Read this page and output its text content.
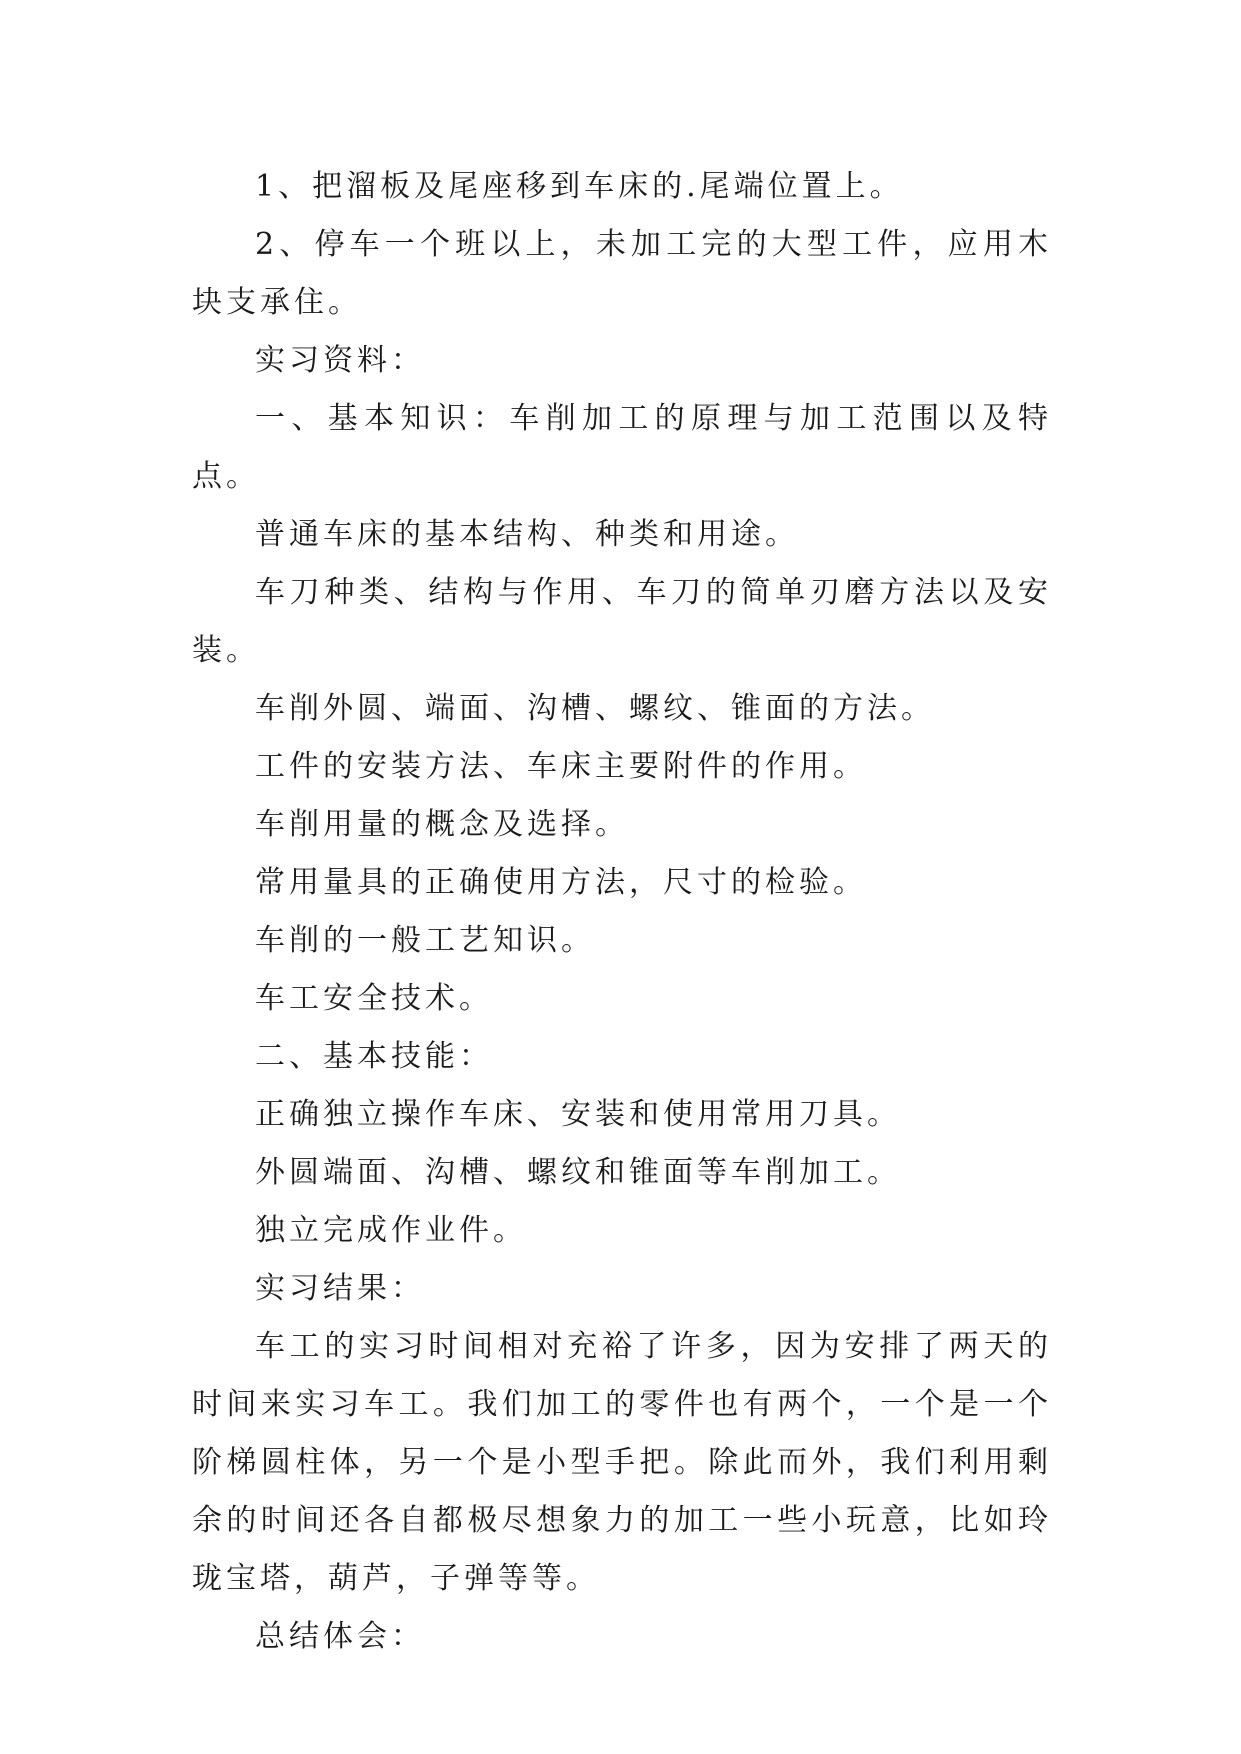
1、把溜板及尾座移到车床的.尾端位置上。

2、停车一个班以上，未加工完的大型工件，应用木块支承住。

实习资料：

一、基本知识：车削加工的原理与加工范围以及特点。

普通车床的基本结构、种类和用途。

车刀种类、结构与作用、车刀的简单刃磨方法以及安装。

车削外圆、端面、沟槽、螺纹、锥面的方法。

工件的安装方法、车床主要附件的作用。

车削用量的概念及选择。

常用量具的正确使用方法，尺寸的检验。

车削的一般工艺知识。

车工安全技术。

二、基本技能：

正确独立操作车床、安装和使用常用刀具。

外圆端面、沟槽、螺纹和锥面等车削加工。

独立完成作业件。

实习结果：

车工的实习时间相对充裕了许多，因为安排了两天的时间来实习车工。我们加工的零件也有两个，一个是一个阶梯圆柱体，另一个是小型手把。除此而外，我们利用剩余的时间还各自都极尽想象力的加工一些小玩意，比如玲珑宝塔，葫芦，子弹等等。

总结体会：
